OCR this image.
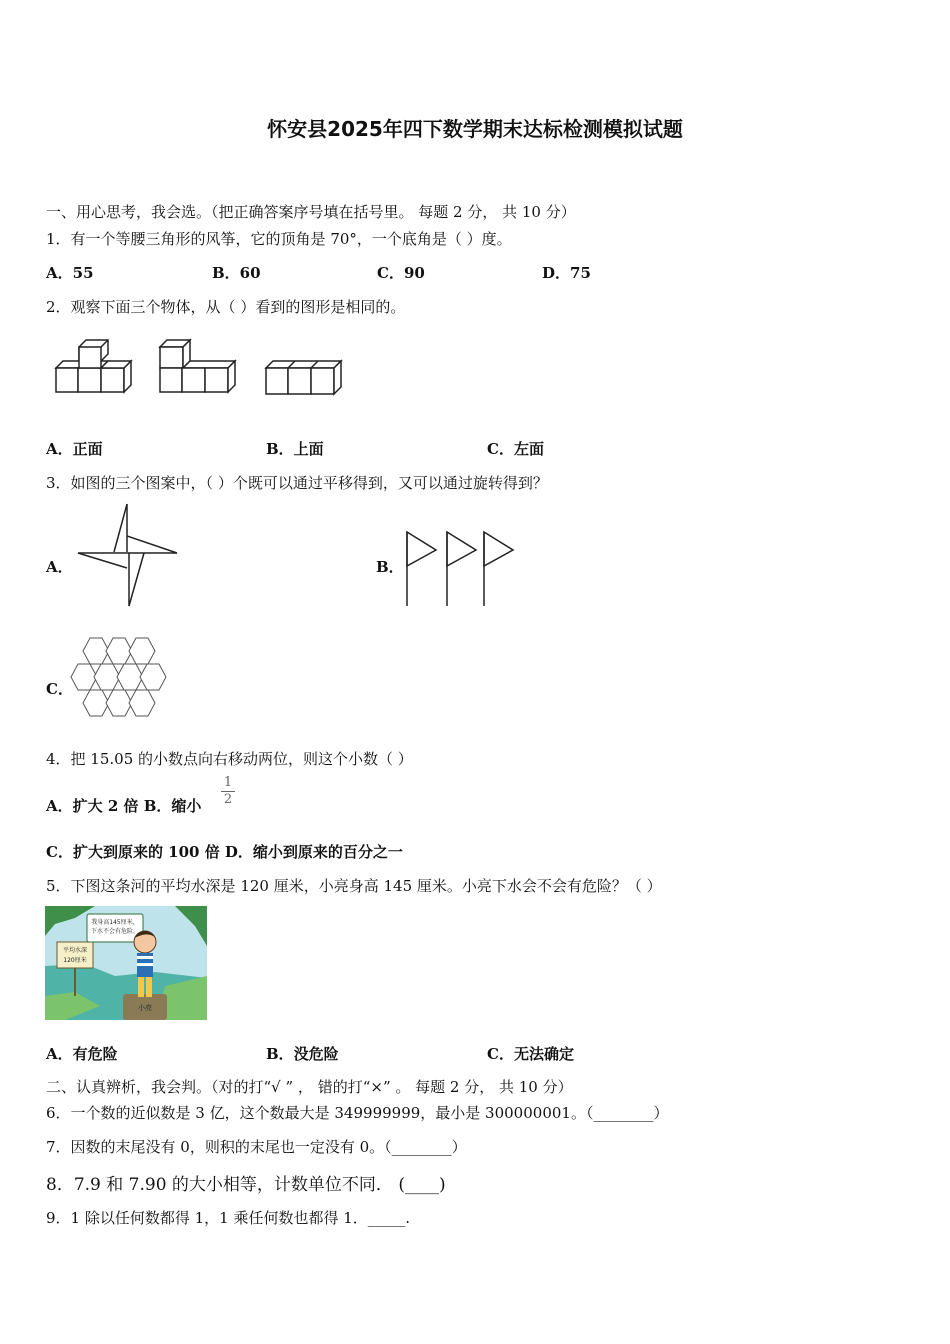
怀安县2025年四下数学期末达标检测模拟试题
一、用心思考，我会选。（把正确答案序号填在括号里。 每题 2 分， 共 10 分）
1．有一个等腰三角形的风筝，它的顶角是 70°，一个底角是（ ）度。
A．55	B．60	C．90	D．75
2．观察下面三个物体，从（ ）看到的图形是相同的。
A．正面	B．上面	C．左面
3．如图的三个图案中，（ ）个既可以通过平移得到，又可以通过旋转得到？
A．	B．
C．
4．把 15.05 的小数点向右移动两位，则这个小数（ ）
A．扩大 2 倍 B．缩小
1
2
C．扩大到原来的 100 倍 D．缩小到原来的百分之一
5．下图这条河的平均水深是 120 厘米，小亮身高 145 厘米。小亮下水会不会有危险？（ ）
我身高145厘米，
下水不会有危险。
平均水深
120厘米
小亮
A．有危险	B．没危险	C．无法确定
二、认真辨析，我会判。（对的打“√ ” ， 错的打“×” 。 每题 2 分， 共 10 分）
6．一个数的近似数是 3 亿，这个数最大是 349999999，最小是 300000001。（________）
7．因数的末尾没有 0，则积的末尾也一定没有 0。（________）
8．7.9 和 7.90 的大小相等，计数单位不同． (____)
9．1 除以任何数都得 1，1 乘任何数也都得 1．_____.
